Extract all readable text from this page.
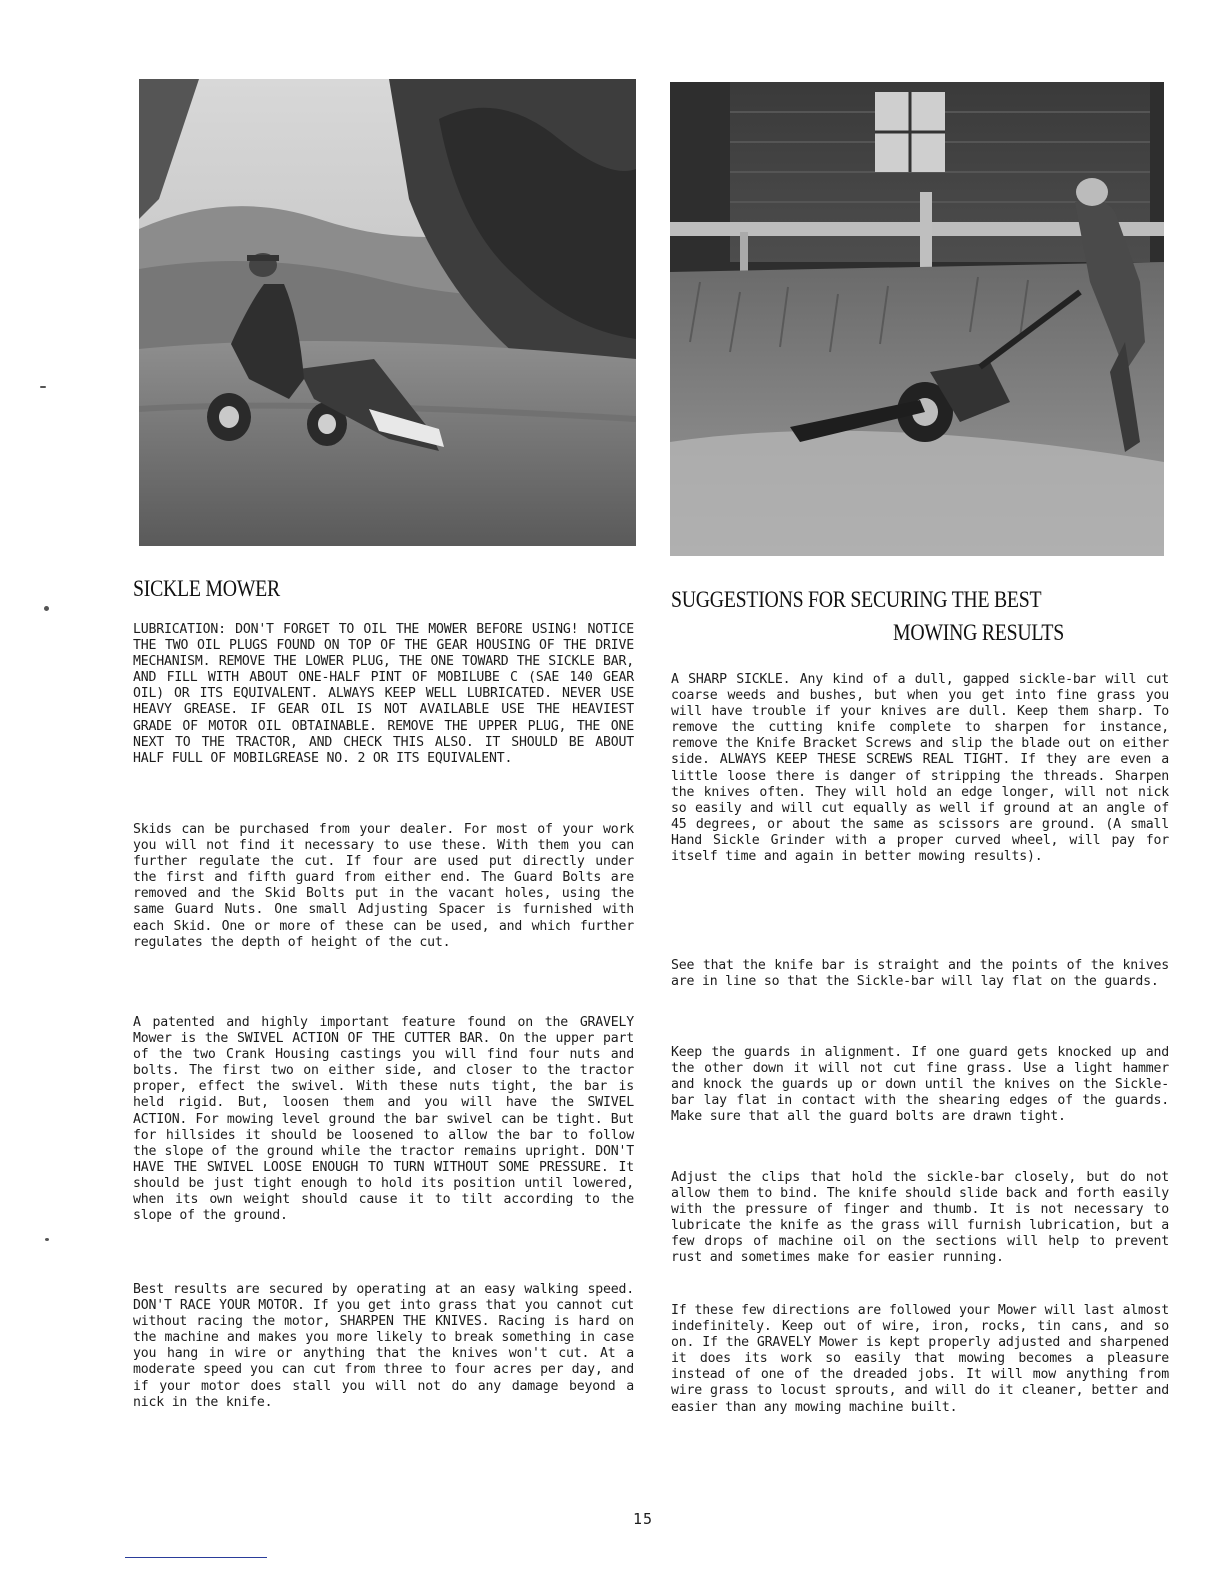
SICKLE MOWER

LUBRICATION: DON'T FORGET TO OIL THE MOWER BEFORE USING! NOTICE THE TWO OIL PLUGS FOUND ON TOP OF THE GEAR HOUSING OF THE DRIVE MECHANISM. REMOVE THE LOWER PLUG, THE ONE TOWARD THE SICKLE BAR, AND FILL WITH ABOUT ONE-HALF PINT OF MOBILUBE C (SAE 140 GEAR OIL) OR ITS EQUIVALENT. ALWAYS KEEP WELL LUBRICATED. NEVER USE HEAVY GREASE. IF GEAR OIL IS NOT AVAILABLE USE THE HEAVIEST GRADE OF MOTOR OIL OBTAINABLE. REMOVE THE UPPER PLUG, THE ONE NEXT TO THE TRACTOR, AND CHECK THIS ALSO. IT SHOULD BE ABOUT HALF FULL OF MOBILGREASE NO. 2 OR ITS EQUIVALENT.

Skids can be purchased from your dealer. For most of your work you will not find it necessary to use these. With them you can further regulate the cut. If four are used put directly under the first and fifth guard from either end. The Guard Bolts are removed and the Skid Bolts put in the vacant holes, using the same Guard Nuts. One small Adjusting Spacer is furnished with each Skid. One or more of these can be used, and which further regulates the depth of height of the cut.

A patented and highly important feature found on the GRAVELY Mower is the SWIVEL ACTION OF THE CUTTER BAR. On the upper part of the two Crank Housing castings you will find four nuts and bolts. The first two on either side, and closer to the tractor proper, effect the swivel. With these nuts tight, the bar is held rigid. But, loosen them and you will have the SWIVEL ACTION. For mowing level ground the bar swivel can be tight. But for hillsides it should be loosened to allow the bar to follow the slope of the ground while the tractor remains upright. DON'T HAVE THE SWIVEL LOOSE ENOUGH TO TURN WITHOUT SOME PRESSURE. It should be just tight enough to hold its position until lowered, when its own weight should cause it to tilt according to the slope of the ground.

Best results are secured by operating at an easy walking speed. DON'T RACE YOUR MOTOR. If you get into grass that you cannot cut without racing the motor, SHARPEN THE KNIVES. Racing is hard on the machine and makes you more likely to break something in case you hang in wire or anything that the knives won't cut. At a moderate speed you can cut from three to four acres per day, and if your motor does stall you will not do any damage beyond a nick in the knife.

SUGGESTIONS FOR SECURING THE BEST
MOWING RESULTS

A SHARP SICKLE. Any kind of a dull, gapped sickle-bar will cut coarse weeds and bushes, but when you get into fine grass you will have trouble if your knives are dull. Keep them sharp. To remove the cutting knife complete to sharpen for instance, remove the Knife Bracket Screws and slip the blade out on either side. ALWAYS KEEP THESE SCREWS REAL TIGHT. If they are even a little loose there is danger of stripping the threads. Sharpen the knives often. They will hold an edge longer, will not nick so easily and will cut equally as well if ground at an angle of 45 degrees, or about the same as scissors are ground. (A small Hand Sickle Grinder with a proper curved wheel, will pay for itself time and again in better mowing results).

See that the knife bar is straight and the points of the knives are in line so that the Sickle-bar will lay flat on the guards.

Keep the guards in alignment. If one guard gets knocked up and the other down it will not cut fine grass. Use a light hammer and knock the guards up or down until the knives on the Sickle-bar lay flat in contact with the shearing edges of the guards. Make sure that all the guard bolts are drawn tight.

Adjust the clips that hold the sickle-bar closely, but do not allow them to bind. The knife should slide back and forth easily with the pressure of finger and thumb. It is not necessary to lubricate the knife as the grass will furnish lubrication, but a few drops of machine oil on the sections will help to prevent rust and sometimes make for easier running.

If these few directions are followed your Mower will last almost indefinitely. Keep out of wire, iron, rocks, tin cans, and so on. If the GRAVELY Mower is kept properly adjusted and sharpened it does its work so easily that mowing becomes a pleasure instead of one of the dreaded jobs. It will mow anything from wire grass to locust sprouts, and will do it cleaner, better and easier than any mowing machine built.

15
